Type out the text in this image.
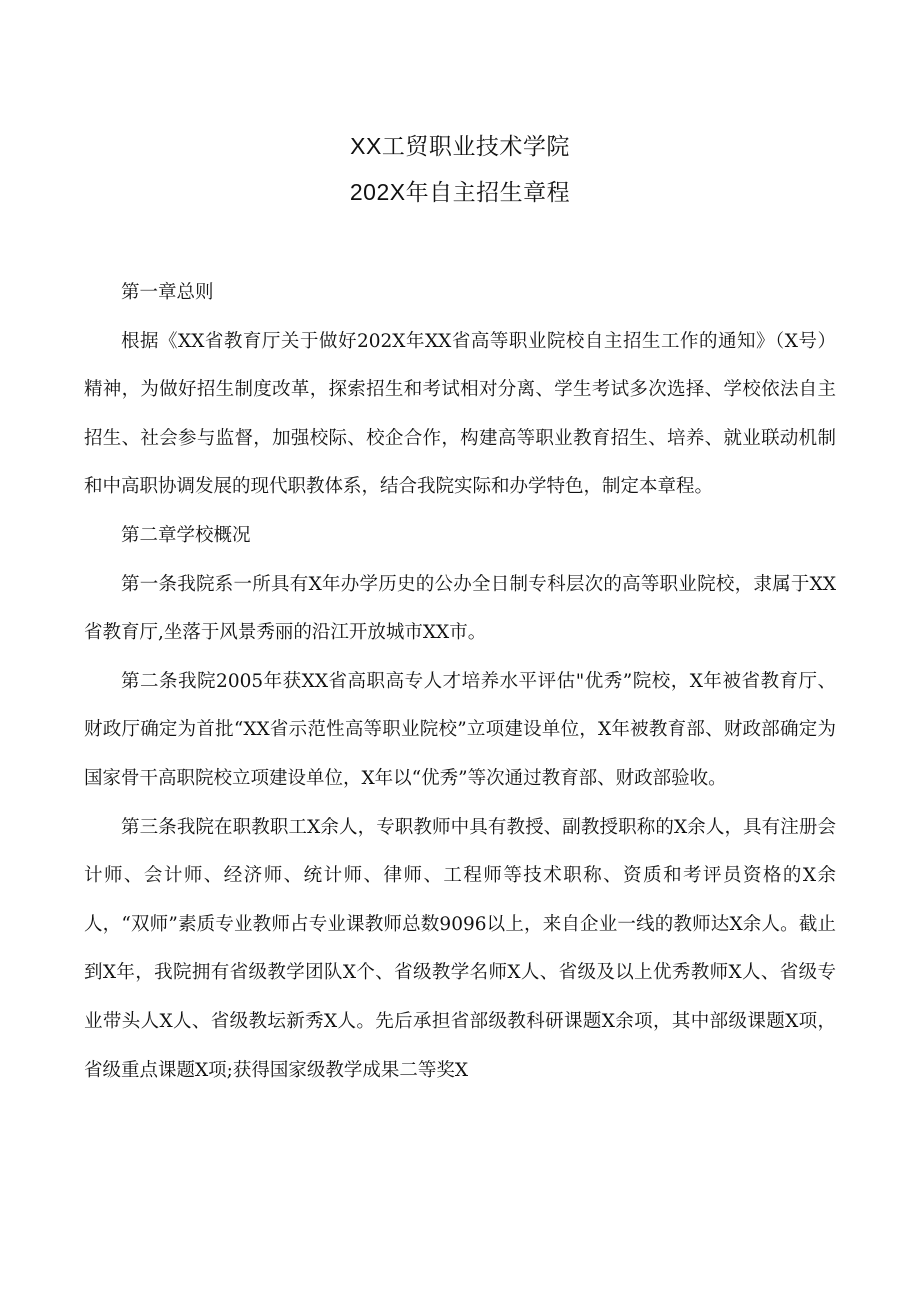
XX工贸职业技术学院
202X年自主招生章程

第一章总则

根据《XX省教育厅关于做好202X年XX省高等职业院校自主招生工作的通知》（X号）精神，为做好招生制度改革，探索招生和考试相对分离、学生考试多次选择、学校依法自主招生、社会参与监督，加强校际、校企合作，构建高等职业教育招生、培养、就业联动机制和中高职协调发展的现代职教体系，结合我院实际和办学特色，制定本章程。

第二章学校概况

第一条我院系一所具有X年办学历史的公办全日制专科层次的高等职业院校，隶属于XX省教育厅,坐落于风景秀丽的沿江开放城市XX市。

第二条我院2005年获XX省高职高专人才培养水平评估"优秀”院校，X年被省教育厅、财政厅确定为首批“XX省示范性高等职业院校”立项建设单位，X年被教育部、财政部确定为国家骨干高职院校立项建设单位，X年以“优秀”等次通过教育部、财政部验收。

第三条我院在职教职工X余人，专职教师中具有教授、副教授职称的X余人，具有注册会计师、会计师、经济师、统计师、律师、工程师等技术职称、资质和考评员资格的X余人，“双师”素质专业教师占专业课教师总数9096以上，来自企业一线的教师达X余人。截止到X年，我院拥有省级教学团队X个、省级教学名师X人、省级及以上优秀教师X人、省级专业带头人X人、省级教坛新秀X人。先后承担省部级教科研课题X余项，其中部级课题X项，省级重点课题X项;获得国家级教学成果二等奖X
